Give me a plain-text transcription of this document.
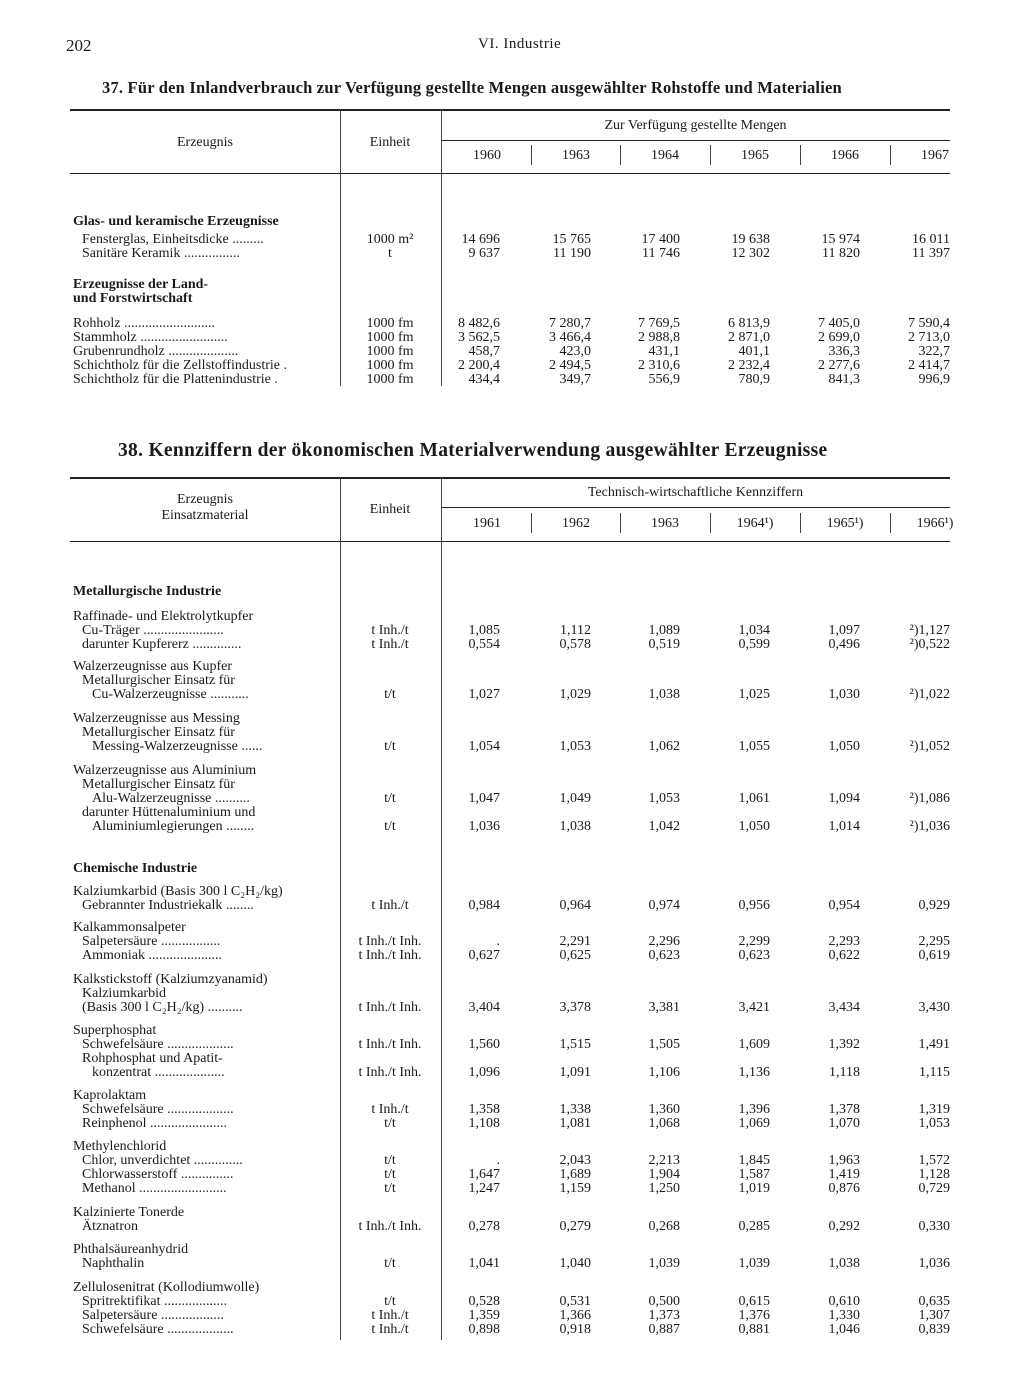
202	VI. Industrie
37. Für den Inlandverbrauch zur Verfügung gestellte Mengen ausgewählter Rohstoffe und Materialien
Erzeugnis	Einheit
Zur Verfügung gestellte Mengen
1960	1963	1964	1965	1966	1967
Glas- und keramische Erzeugnisse
Fensterglas, Einheitsdicke .........	1000 m²	14 696	15 765	17 400	19 638	15 974	16 011
Sanitäre Keramik ................	t	9 637	11 190	11 746	12 302	11 820	11 397
Erzeugnisse der Land-
und Forstwirtschaft
Rohholz ..........................	1000 fm	8 482,6	7 280,7	7 769,5	6 813,9	7 405,0	7 590,4
Stammholz .........................	1000 fm	3 562,5	3 466,4	2 988,8	2 871,0	2 699,0	2 713,0
Grubenrundholz ....................	1000 fm	458,7	423,0	431,1	401,1	336,3	322,7
Schichtholz für die Zellstoffindustrie .	1000 fm	2 200,4	2 494,5	2 310,6	2 232,4	2 277,6	2 414,7
Schichtholz für die Plattenindustrie .	1000 fm	434,4	349,7	556,9	780,9	841,3	996,9
38. Kennziffern der ökonomischen Materialverwendung ausgewählter Erzeugnisse
Erzeugnis
Einsatzmaterial	Einheit
Technisch-wirtschaftliche Kennziffern
1961	1962	1963	1964¹)	1965¹)	1966¹)
Metallurgische Industrie
Raffinade- und Elektrolytkupfer
Cu-Träger .......................	t Inh./t	1,085	1,112	1,089	1,034	1,097	²)1,127
darunter Kupfererz ..............	t Inh./t	0,554	0,578	0,519	0,599	0,496	²)0,522
Walzerzeugnisse aus Kupfer
Metallurgischer Einsatz für
Cu-Walzerzeugnisse ...........	t/t	1,027	1,029	1,038	1,025	1,030	²)1,022
Walzerzeugnisse aus Messing
Metallurgischer Einsatz für
Messing-Walzerzeugnisse ......	t/t	1,054	1,053	1,062	1,055	1,050	²)1,052
Walzerzeugnisse aus Aluminium
Metallurgischer Einsatz für
Alu-Walzerzeugnisse ..........	t/t	1,047	1,049	1,053	1,061	1,094	²)1,086
darunter Hüttenaluminium und
Aluminiumlegierungen ........	t/t	1,036	1,038	1,042	1,050	1,014	²)1,036
Chemische Industrie
Kalziumkarbid (Basis 300 l C₂H₂/kg)
Gebrannter Industriekalk ........	t Inh./t	0,984	0,964	0,974	0,956	0,954	0,929
Kalkammonsalpeter
Salpetersäure .................	t Inh./t Inh.	.	2,291	2,296	2,299	2,293	2,295
Ammoniak .....................	t Inh./t Inh.	0,627	0,625	0,623	0,623	0,622	0,619
Kalkstickstoff (Kalziumzyanamid)
Kalziumkarbid
(Basis 300 l C₂H₂/kg) ..........	t Inh./t Inh.	3,404	3,378	3,381	3,421	3,434	3,430
Superphosphat
Schwefelsäure ...................	t Inh./t Inh.	1,560	1,515	1,505	1,609	1,392	1,491
Rohphosphat und Apatit-
konzentrat ....................	t Inh./t Inh.	1,096	1,091	1,106	1,136	1,118	1,115
Kaprolaktam
Schwefelsäure ...................	t Inh./t	1,358	1,338	1,360	1,396	1,378	1,319
Reinphenol ......................	t/t	1,108	1,081	1,068	1,069	1,070	1,053
Methylenchlorid
Chlor, unverdichtet ..............	t/t	.	2,043	2,213	1,845	1,963	1,572
Chlorwasserstoff ...............	t/t	1,647	1,689	1,904	1,587	1,419	1,128
Methanol .........................	t/t	1,247	1,159	1,250	1,019	0,876	0,729
Kalzinierte Tonerde
Ätznatron	t Inh./t Inh.	0,278	0,279	0,268	0,285	0,292	0,330
Phthalsäureanhydrid
Naphthalin	t/t	1,041	1,040	1,039	1,039	1,038	1,036
Zellulosenitrat (Kollodiumwolle)
Spritrektifikat ..................	t/t	0,528	0,531	0,500	0,615	0,610	0,635
Salpetersäure ..................	t Inh./t	1,359	1,366	1,373	1,376	1,330	1,307
Schwefelsäure ...................	t Inh./t	0,898	0,918	0,887	0,881	1,046	0,839
